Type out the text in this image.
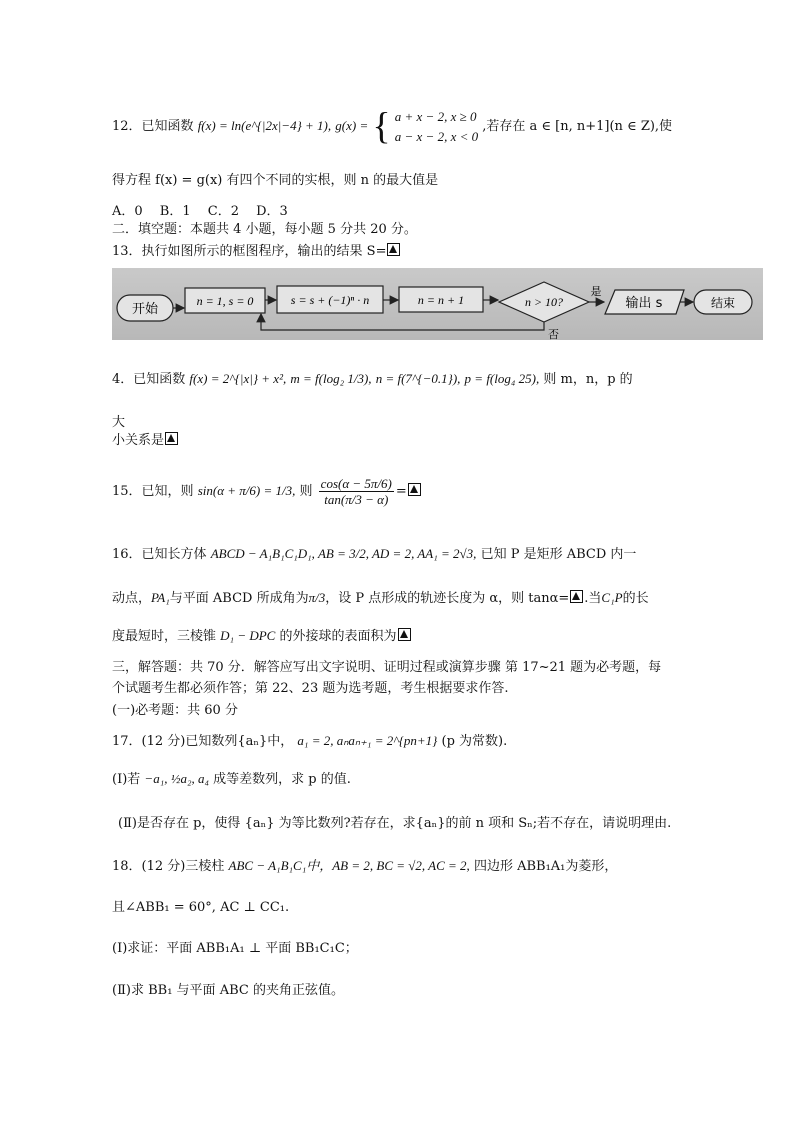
12．已知函数 f(x) = ln(e^{|2x|−4} + 1), g(x) = { a + x − 2, x ≥ 0
a − x − 2, x < 0
,若存在 a ∈ [n, n+1](n ∈ Z),使
得方程 f(x) = g(x) 有四个不同的实根，则 n 的最大值是
A．0　 B．1　 C．2　 D．3
二．填空题：本题共 4 小题，每小题 5 分共 20 分。
13．执行如图所示的框图程序，输出的结果 S=
开始
n = 1, s = 0	s = s + (−1)ⁿ · n	n = n + 1	n > 10?
是
输出 s	结束
否
4．已知函数 f(x) = 2^{|x|} + x², m = f(log₂ 1/3), n = f(7^{−0.1}), p = f(log₄ 25), 则 m，n，p 的
大
小关系是
15．已知，则 sin(α + π/6) = 1/3, 则 $\frac{\cos(\alpha - 5\pi/6)}{\tan(\pi/3 - \alpha)}$ =
16．已知长方体 ABCD − A₁B₁C₁D₁, AB = 3/2, AD = 2, AA₁ = 2√3, 已知 P 是矩形 ABCD 内一
动点，PA₁与平面 ABCD 所成角为π/3，设 P 点形成的轨迹长度为 α，则 tanα= .当C₁P的长
度最短时，三棱锥 D₁ − DPC 的外接球的表面积为
三，解答题：共 70 分．解答应写出文字说明、证明过程或演算步骤 第 17~21 题为必考题，每
个试题考生都必须作答；第 22、23 题为选考题，考生根据要求作答.
(一)必考题：共 60 分
17．(12 分)已知数列{aₙ}中， a₁ = 2, aₙaₙ₊₁ = 2^{pn+1} (p 为常数).
(Ⅰ)若 −a₁, ½a₂, a₄ 成等差数列，求 p 的值.
(Ⅱ)是否存在 p，使得 {aₙ} 为等比数列?若存在，求{aₙ}的前 n 项和 Sₙ;若不存在，请说明理由.
18．(12 分)三棱柱 ABC − A₁B₁C₁中，AB = 2, BC = √2, AC = 2, 四边形 ABB₁A₁为菱形，
且∠ABB₁ = 60°, AC ⊥ CC₁.
(Ⅰ)求证：平面 ABB₁A₁ ⊥ 平面 BB₁C₁C；
(Ⅱ)求 BB₁ 与平面 ABC 的夹角正弦值。
